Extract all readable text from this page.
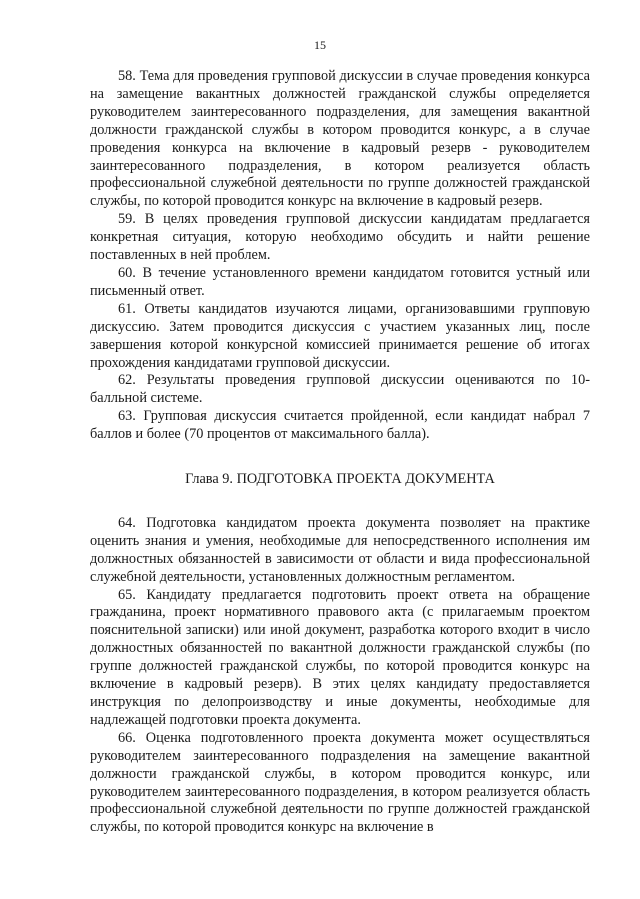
15

58. Тема для проведения групповой дискуссии в случае проведения конкурса на замещение вакантных должностей гражданской службы определяется руководителем заинтересованного подразделения, для замещения вакантной должности гражданской службы в котором проводится конкурс, а в случае проведения конкурса на включение в кадровый резерв - руководителем заинтересованного подразделения, в котором реализуется область профессиональной служебной деятельности по группе должностей гражданской службы, по которой проводится конкурс на включение в кадровый резерв.

59. В целях проведения групповой дискуссии кандидатам предлагается конкретная ситуация, которую необходимо обсудить и найти решение поставленных в ней проблем.

60. В течение установленного времени кандидатом готовится устный или письменный ответ.

61. Ответы кандидатов изучаются лицами, организовавшими групповую дискуссию. Затем проводится дискуссия с участием указанных лиц, после завершения которой конкурсной комиссией принимается решение об итогах прохождения кандидатами групповой дискуссии.

62. Результаты проведения групповой дискуссии оцениваются по 10-балльной системе.

63. Групповая дискуссия считается пройденной, если кандидат набрал 7 баллов и более (70 процентов от максимального балла).

Глава 9. ПОДГОТОВКА ПРОЕКТА ДОКУМЕНТА

64. Подготовка кандидатом проекта документа позволяет на практике оценить знания и умения, необходимые для непосредственного исполнения им должностных обязанностей в зависимости от области и вида профессиональной служебной деятельности, установленных должностным регламентом.

65. Кандидату предлагается подготовить проект ответа на обращение гражданина, проект нормативного правового акта (с прилагаемым проектом пояснительной записки) или иной документ, разработка которого входит в число должностных обязанностей по вакантной должности гражданской службы (по группе должностей гражданской службы, по которой проводится конкурс на включение в кадровый резерв). В этих целях кандидату предоставляется инструкция по делопроизводству и иные документы, необходимые для надлежащей подготовки проекта документа.

66. Оценка подготовленного проекта документа может осуществляться руководителем заинтересованного подразделения на замещение вакантной должности гражданской службы, в котором проводится конкурс, или руководителем заинтересованного подразделения, в котором реализуется область профессиональной служебной деятельности по группе должностей гражданской службы, по которой проводится конкурс на включение в
